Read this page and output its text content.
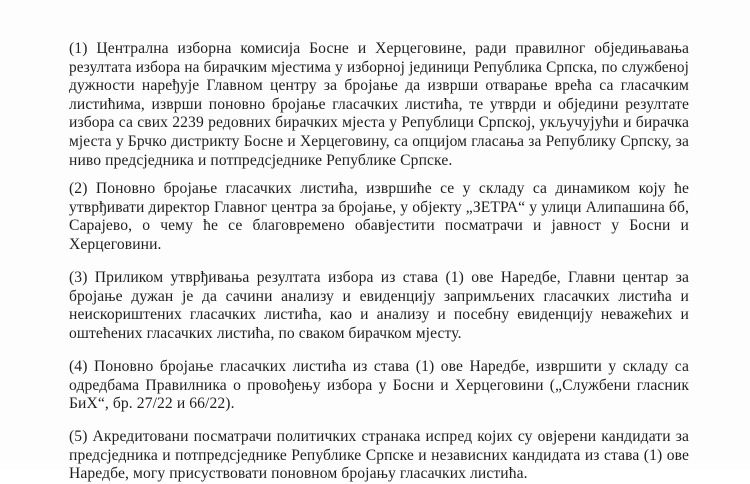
(1) Централна изборна комисија Босне и Херцеговине, ради правилног обједињавања
резултата избора на бирачким мјестима у изборној јединици Република Српска, по службеној
дужности наређује Главном центру за бројање да изврши отварање врећа са гласачким
листићима, изврши поновно бројање гласачких листића, те утврди и обједини резултате
избора са свих 2239 редовних бирачких мјеста у Републици Српској, укључујући и бирачка
мјеста у Брчко дистрикту Босне и Херцеговину, са опцијом гласања за Републику Српску, за
ниво предсједника и потпредсједнике Републике Српске.
(2) Поновно бројање гласачких листића, извршиће се у складу са динамиком коју ће
утврђивати директор Главног центра за бројање, у објекту „ЗЕТРА“ у улици Алипашина бб,
Сарајево, о чему ће се благовремено обавјестити посматрачи и јавност у Босни и
Херцеговини.
(3) Приликом утврђивања резултата избора из става (1) ове Наредбе, Главни центар за
бројање дужан је да сачини анализу и евиденцију запримљених гласачких листића и
неискориштених гласачких листића, као и анализу и посебну евиденцију неважећих и
оштећених гласачких листића, по сваком бирачком мјесту.
(4) Поновно бројање гласачких листића из става (1) ове Наредбе, извршити у складу са
одредбама Правилника о провођењу избора у Босни и Херцеговини („Службени гласник
БиХ“, бр. 27/22 и 66/22).
(5) Акредитовани посматрачи политичких странака испред којих су овјерени кандидати за
предсједника и потпредсједнике Републике Српске и независних кандидата из става (1) ове
Наредбе, могу присуствовати поновном бројању гласачких листића.
